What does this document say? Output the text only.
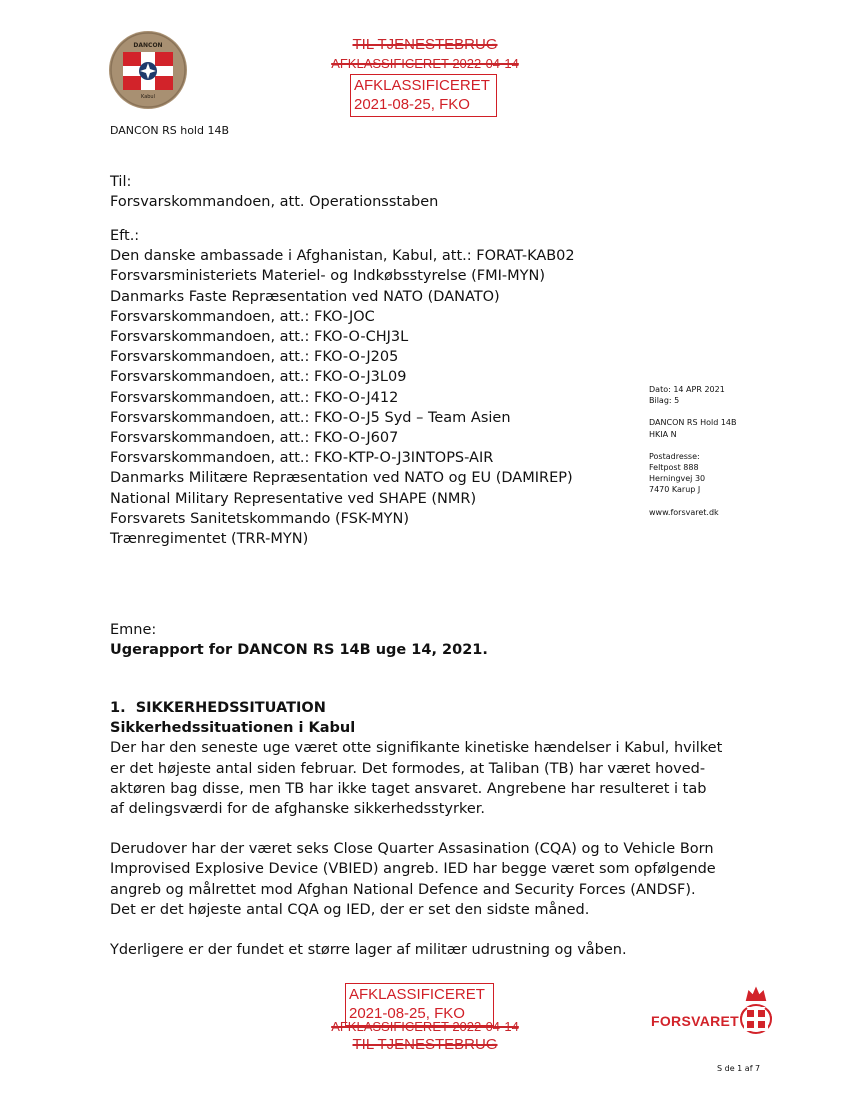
TIL TJENESTEBRUG
AFKLASSIFICERET 2022-04-14
AFKLASSIFICERET
2021-08-25, FKO
DANCON
Kabul
DANCON RS hold 14B
Til:
Forsvarskommandoen, att. Operationsstaben
Eft.:
Den danske ambassade i Afghanistan, Kabul, att.: FORAT-KAB02
Forsvarsministeriets Materiel- og Indkøbsstyrelse (FMI-MYN)
Danmarks Faste Repræsentation ved NATO (DANATO)
Forsvarskommandoen, att.: FKO-JOC
Forsvarskommandoen, att.: FKO-O-CHJ3L
Forsvarskommandoen, att.: FKO-O-J205
Forsvarskommandoen, att.: FKO-O-J3L09
Forsvarskommandoen, att.: FKO-O-J412
Forsvarskommandoen, att.: FKO-O-J5 Syd – Team Asien
Forsvarskommandoen, att.: FKO-O-J607
Forsvarskommandoen, att.: FKO-KTP-O-J3INTOPS-AIR
Danmarks Militære Repræsentation ved NATO og EU (DAMIREP)
National Military Representative ved SHAPE (NMR)
Forsvarets Sanitetskommando (FSK-MYN)
Trænregimentet (TRR-MYN)
Dato: 14 APR 2021
Bilag: 5
DANCON RS Hold 14B
HKIA N
Postadresse:
Feltpost 888
Herningvej 30
7470 Karup J
www.forsvaret.dk
Emne:
Ugerapport for DANCON RS 14B uge 14, 2021.
1.  SIKKERHEDSSITUATION
Sikkerhedssituationen i Kabul
Der har den seneste uge været otte signifikante kinetiske hændelser i Kabul, hvilket
er det højeste antal siden februar. Det formodes, at Taliban (TB) har været hoved-
aktøren bag disse, men TB har ikke taget ansvaret. Angrebene har resulteret i tab
af delingsværdi for de afghanske sikkerhedsstyrker.
Derudover har der været seks Close Quarter Assasination (CQA) og to Vehicle Born
Improvised Explosive Device (VBIED) angreb. IED har begge været som opfølgende
angreb og målrettet mod Afghan National Defence and Security Forces (ANDSF).
Det er det højeste antal CQA og IED, der er set den sidste måned.
Yderligere er der fundet et større lager af militær udrustning og våben.
AFKLASSIFICERET
2021-08-25, FKO
AFKLASSIFICERET 2022-04-14
TIL TJENESTEBRUG
FORSVARET
S de 1 af 7
